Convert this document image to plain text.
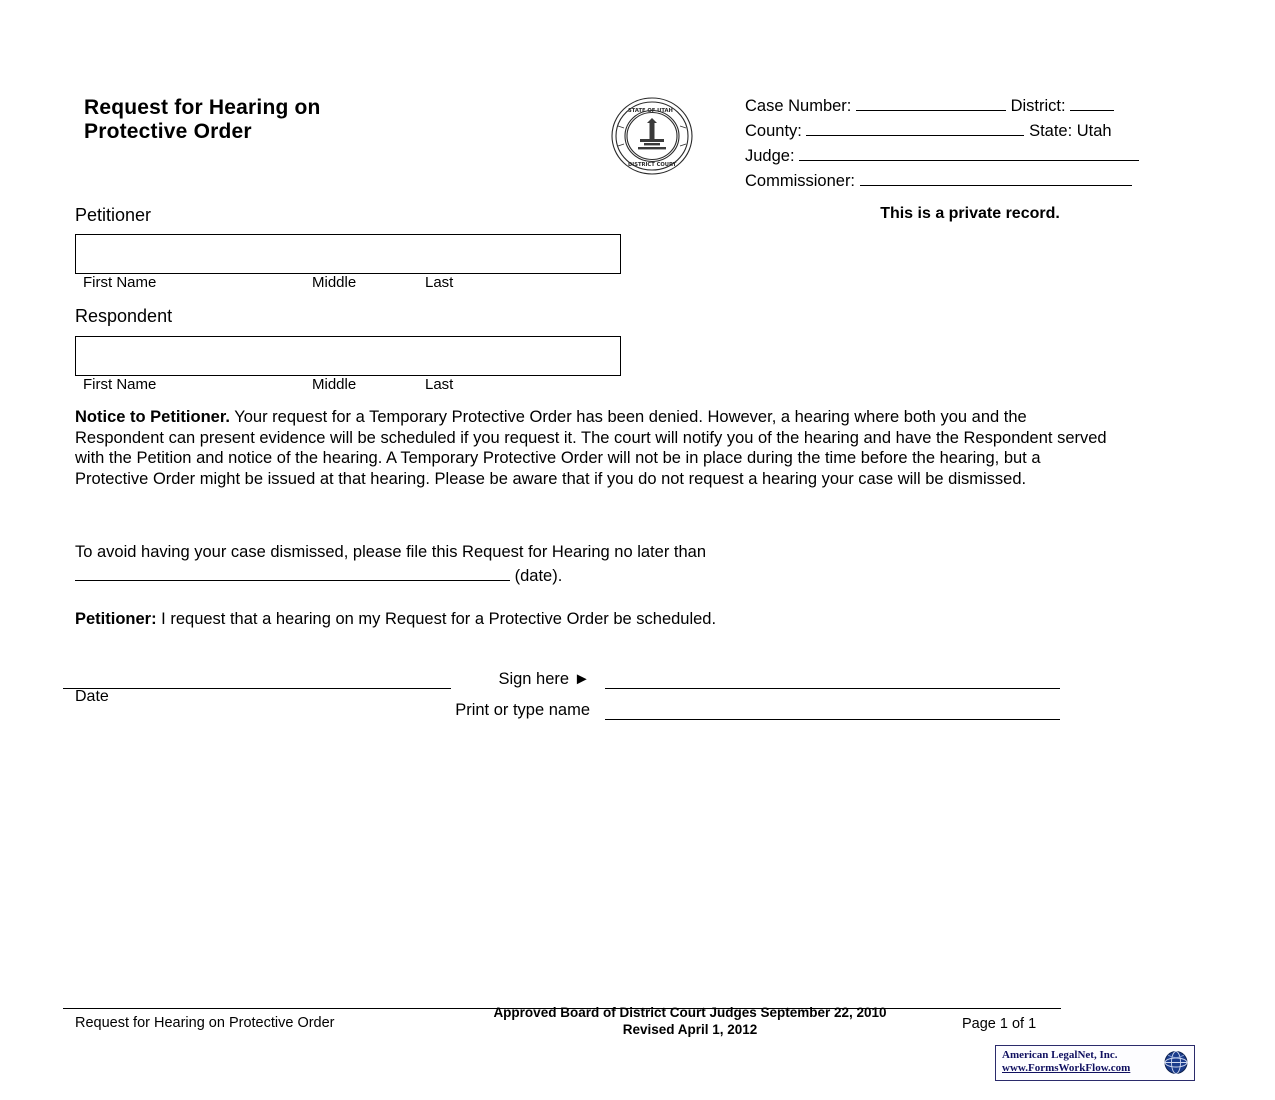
Request for Hearing on
Protective Order
STATE OF UTAH
DISTRICT COURT
Case Number:	District:
County:	State: Utah
Judge:
Commissioner:
This is a private record.
Petitioner
First Name	Middle	Last
Respondent
First Name	Middle	Last
Notice to Petitioner. Your request for a Temporary Protective Order has been denied. However, a hearing where both you and the Respondent can present evidence will be scheduled if you request it. The court will notify you of the hearing and have the Respondent served with the Petition and notice of the hearing. A Temporary Protective Order will not be in place during the time before the hearing, but a Protective Order might be issued at that hearing. Please be aware that if you do not request a hearing your case will be dismissed.
To avoid having your case dismissed, please file this Request for Hearing no later than
(date).
Petitioner: I request that a hearing on my Request for a Protective Order be scheduled.
Date
Sign here ►
Print or type name
Request for Hearing on Protective Order
Approved Board of District Court Judges September 22, 2010
Revised April 1, 2012	Page 1 of 1
American LegalNet, Inc.
www.FormsWorkFlow.com
